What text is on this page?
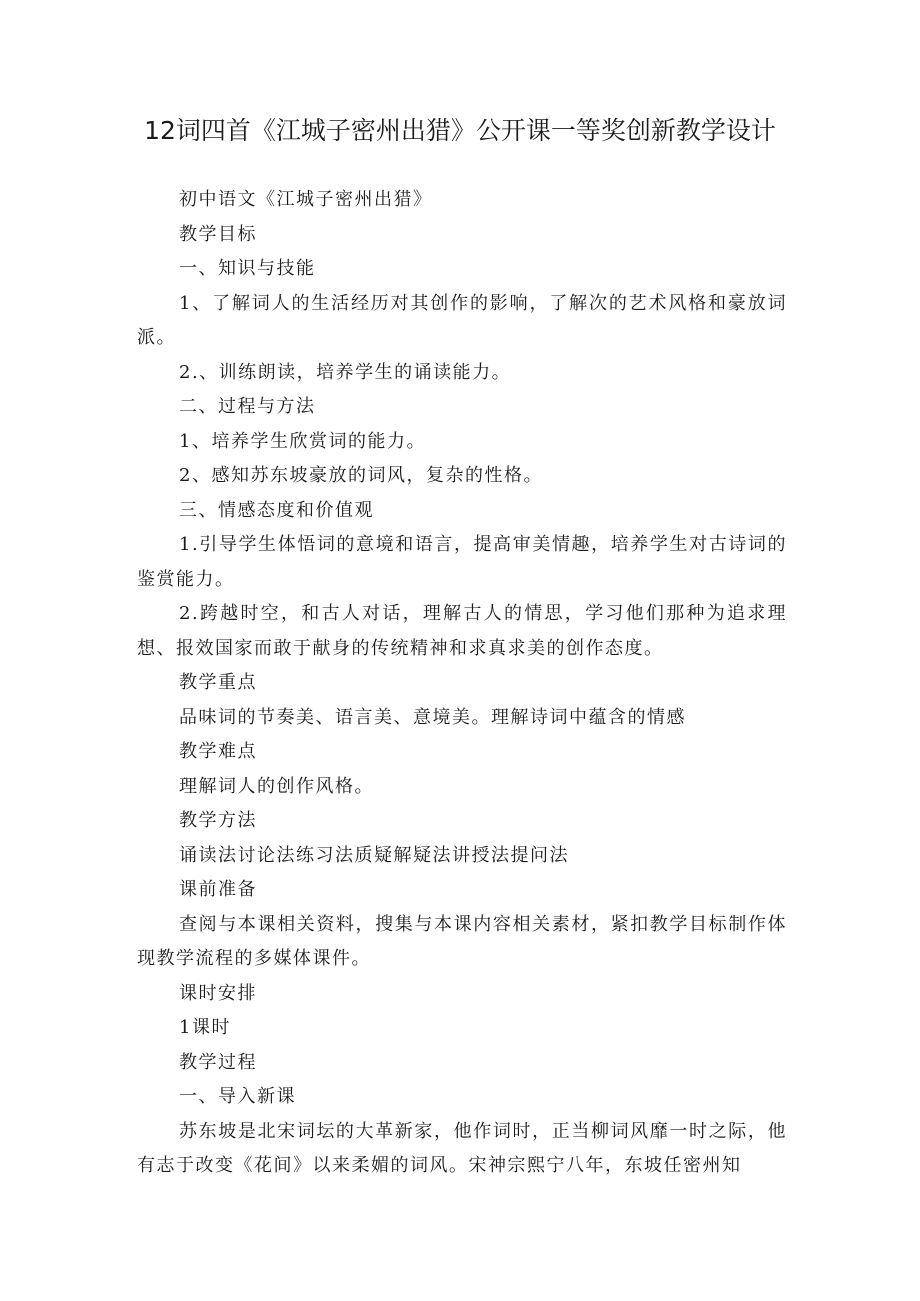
12词四首《江城子密州出猎》公开课一等奖创新教学设计

初中语文《江城子密州出猎》

教学目标

一、知识与技能

1、了解词人的生活经历对其创作的影响，了解次的艺术风格和豪放词派。

2.、训练朗读，培养学生的诵读能力。

二、过程与方法

1、培养学生欣赏词的能力。

2、感知苏东坡豪放的词风，复杂的性格。

三、情感态度和价值观

1.引导学生体悟词的意境和语言，提高审美情趣，培养学生对古诗词的鉴赏能力。

2.跨越时空，和古人对话，理解古人的情思，学习他们那种为追求理想、报效国家而敢于献身的传统精神和求真求美的创作态度。

教学重点

品味词的节奏美、语言美、意境美。理解诗词中蕴含的情感

教学难点

理解词人的创作风格。

教学方法

诵读法讨论法练习法质疑解疑法讲授法提问法

课前准备

查阅与本课相关资料，搜集与本课内容相关素材，紧扣教学目标制作体现教学流程的多媒体课件。

课时安排

1课时

教学过程

一、导入新课

苏东坡是北宋词坛的大革新家，他作词时，正当柳词风靡一时之际，他有志于改变《花间》以来柔媚的词风。宋神宗熙宁八年，东坡任密州知
